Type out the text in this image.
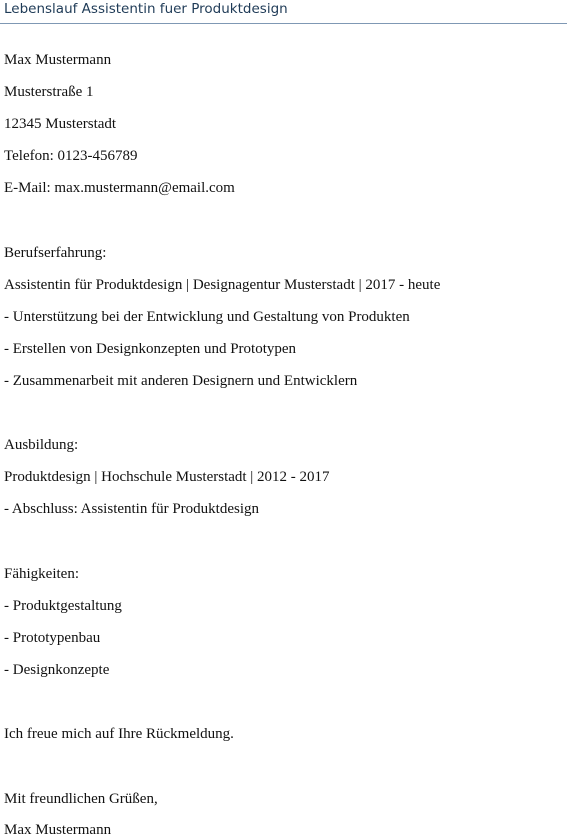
Lebenslauf Assistentin fuer Produktdesign
Max Mustermann
Musterstraße 1
12345 Musterstadt
Telefon: 0123-456789
E-Mail: max.mustermann@email.com
Berufserfahrung:
Assistentin für Produktdesign | Designagentur Musterstadt | 2017 - heute
- Unterstützung bei der Entwicklung und Gestaltung von Produkten
- Erstellen von Designkonzepten und Prototypen
- Zusammenarbeit mit anderen Designern und Entwicklern
Ausbildung:
Produktdesign | Hochschule Musterstadt | 2012 - 2017
- Abschluss: Assistentin für Produktdesign
Fähigkeiten:
- Produktgestaltung
- Prototypenbau
- Designkonzepte
Ich freue mich auf Ihre Rückmeldung.
Mit freundlichen Grüßen,
Max Mustermann
